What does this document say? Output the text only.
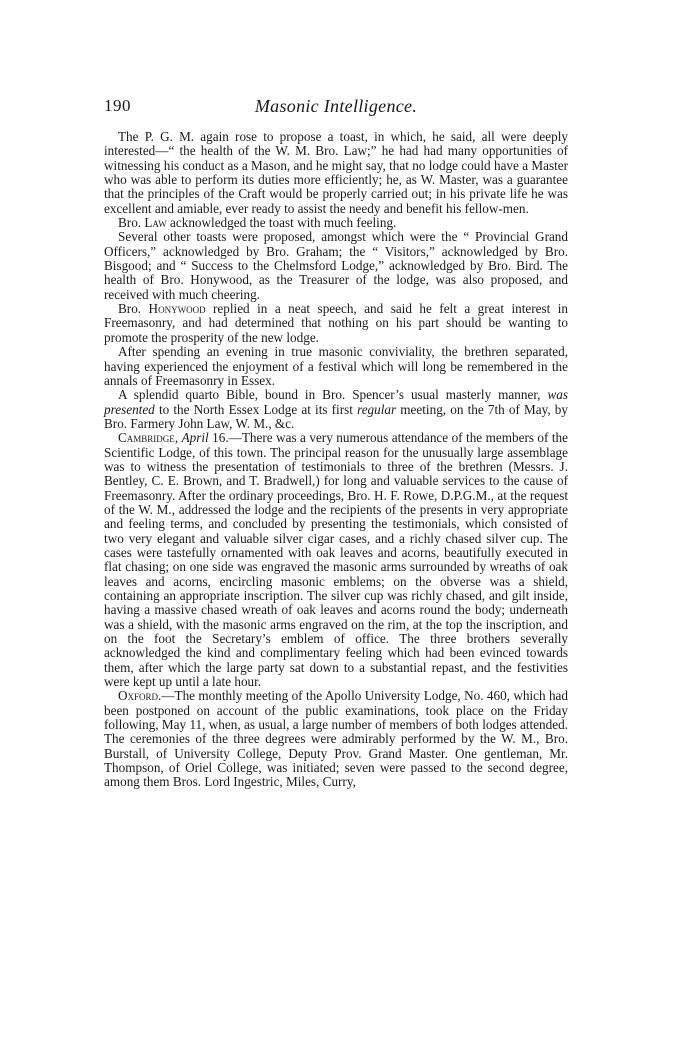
Masonic Intelligence.
190

The P. G. M. again rose to propose a toast, in which, he said, all were deeply interested—“ the health of the W. M. Bro. Law;” he had had many opportunities of witnessing his conduct as a Mason, and he might say, that no lodge could have a Master who was able to perform its duties more efficiently; he, as W. Master, was a guarantee that the principles of the Craft would be properly carried out; in his private life he was excellent and amiable, ever ready to assist the needy and benefit his fellow-men.

Bro. Law acknowledged the toast with much feeling.

Several other toasts were proposed, amongst which were the “ Provincial Grand Officers,” acknowledged by Bro. Graham; the “ Visitors,” acknowledged by Bro. Bisgood; and “ Success to the Chelmsford Lodge,” acknowledged by Bro. Bird. The health of Bro. Honywood, as the Treasurer of the lodge, was also proposed, and received with much cheering.

Bro. Honywood replied in a neat speech, and said he felt a great interest in Freemasonry, and had determined that nothing on his part should be wanting to promote the prosperity of the new lodge.

After spending an evening in true masonic conviviality, the brethren separated, having experienced the enjoyment of a festival which will long be remembered in the annals of Freemasonry in Essex.

A splendid quarto Bible, bound in Bro. Spencer’s usual masterly manner, was presented to the North Essex Lodge at its first regular meeting, on the 7th of May, by Bro. Farmery John Law, W. M., &c.

Cambridge, April 16.—There was a very numerous attendance of the members of the Scientific Lodge, of this town. The principal reason for the unusually large assemblage was to witness the presentation of testimonials to three of the brethren (Messrs. J. Bentley, C. E. Brown, and T. Bradwell,) for long and valuable services to the cause of Freemasonry. After the ordinary proceedings, Bro. H. F. Rowe, D.P.G.M., at the request of the W. M., addressed the lodge and the recipients of the presents in very appropriate and feeling terms, and concluded by presenting the testimonials, which consisted of two very elegant and valuable silver cigar cases, and a richly chased silver cup. The cases were tastefully ornamented with oak leaves and acorns, beautifully executed in flat chasing; on one side was engraved the masonic arms surrounded by wreaths of oak leaves and acorns, encircling masonic emblems; on the obverse was a shield, containing an appropriate inscription. The silver cup was richly chased, and gilt inside, having a massive chased wreath of oak leaves and acorns round the body; underneath was a shield, with the masonic arms engraved on the rim, at the top the inscription, and on the foot the Secretary’s emblem of office. The three brothers severally acknowledged the kind and complimentary feeling which had been evinced towards them, after which the large party sat down to a substantial repast, and the festivities were kept up until a late hour.

Oxford.—The monthly meeting of the Apollo University Lodge, No. 460, which had been postponed on account of the public examinations, took place on the Friday following, May 11, when, as usual, a large number of members of both lodges attended. The ceremonies of the three degrees were admirably performed by the W. M., Bro. Burstall, of University College, Deputy Prov. Grand Master. One gentleman, Mr. Thompson, of Oriel College, was initiated; seven were passed to the second degree, among them Bros. Lord Ingestric, Miles, Curry,
